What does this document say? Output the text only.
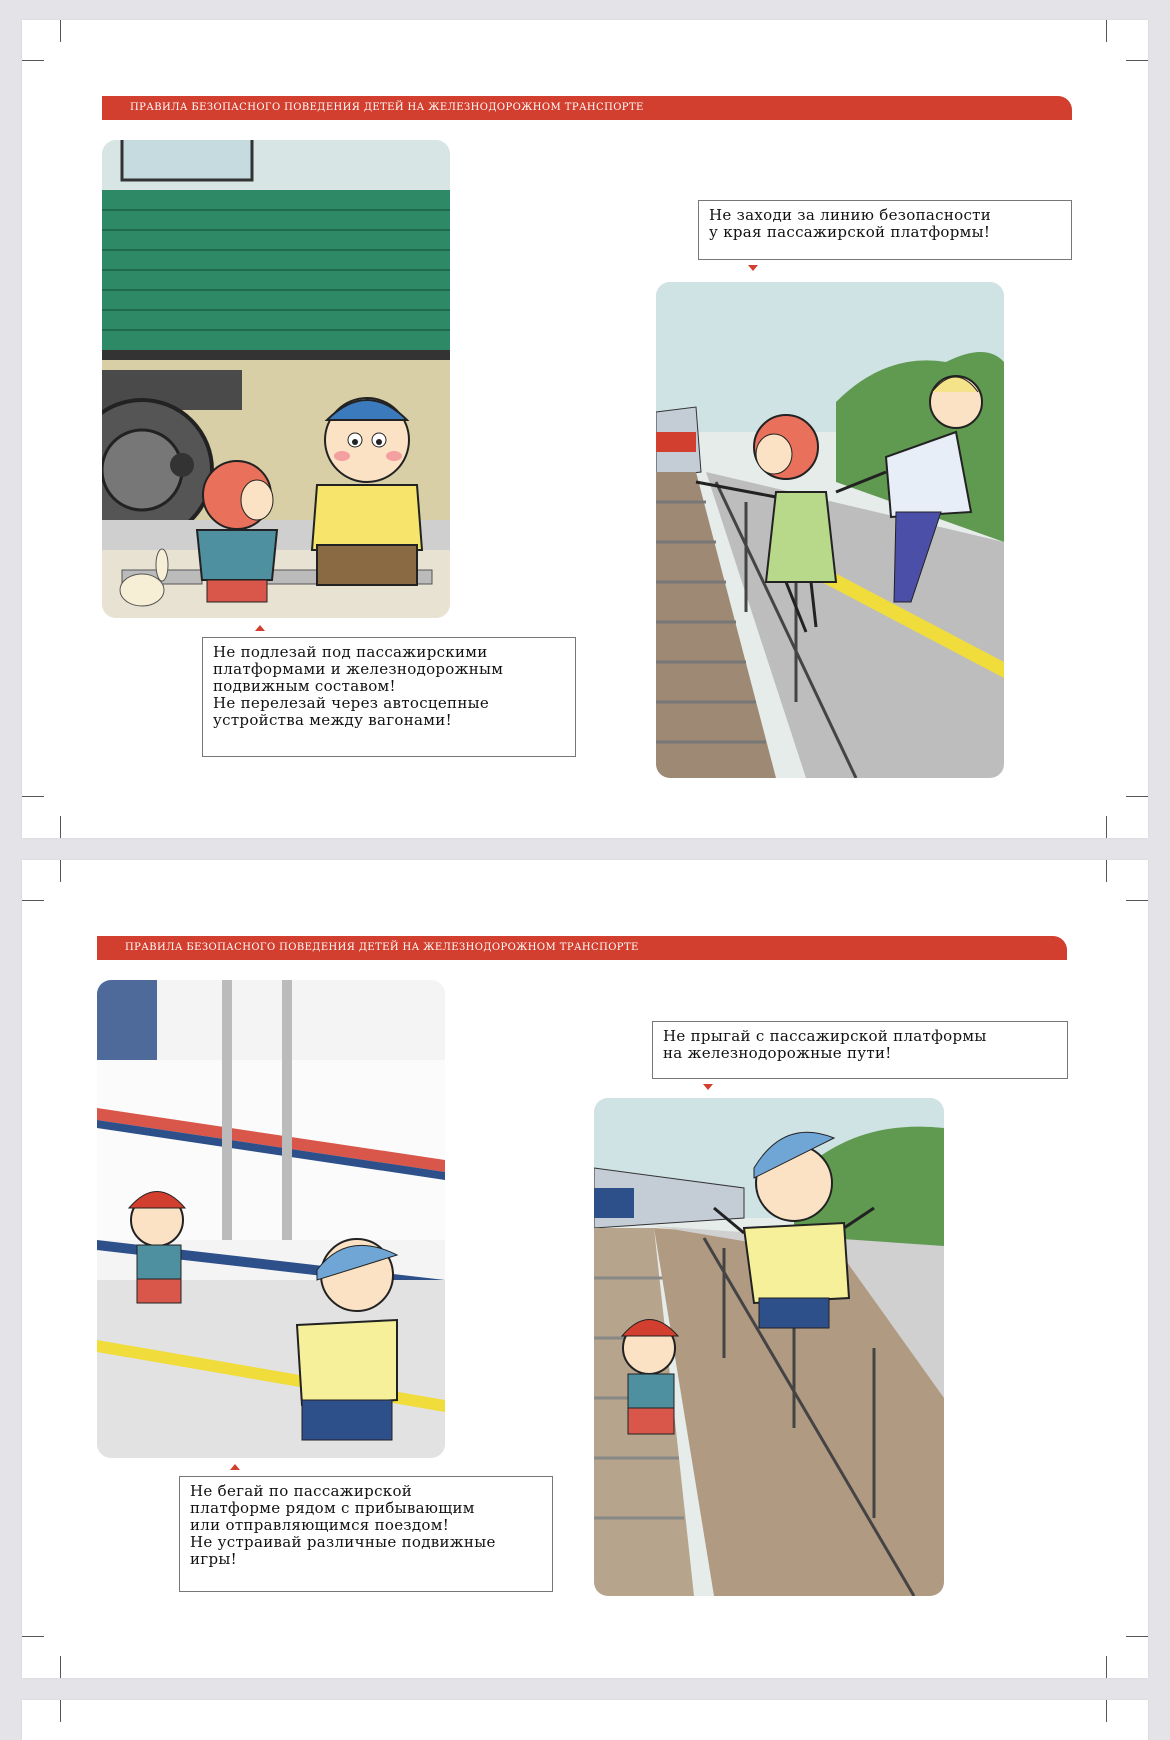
ПРАВИЛА БЕЗОПАСНОГО ПОВЕДЕНИЯ ДЕТЕЙ НА ЖЕЛЕЗНОДОРОЖНОМ ТРАНСПОРТЕ
Не подлезай под пассажирскими
платформами и железнодорожным
подвижным составом!
Не перелезай через автосцепные
устройства между вагонами!
Не заходи за линию безопасности
у края пассажирской платформы!
ПРАВИЛА БЕЗОПАСНОГО ПОВЕДЕНИЯ ДЕТЕЙ НА ЖЕЛЕЗНОДОРОЖНОМ ТРАНСПОРТЕ
Не бегай по пассажирской
платформе рядом с прибывающим
или отправляющимся поездом!
Не устраивай различные подвижные
игры!
Не прыгай с пассажирской платформы
на железнодорожные пути!
